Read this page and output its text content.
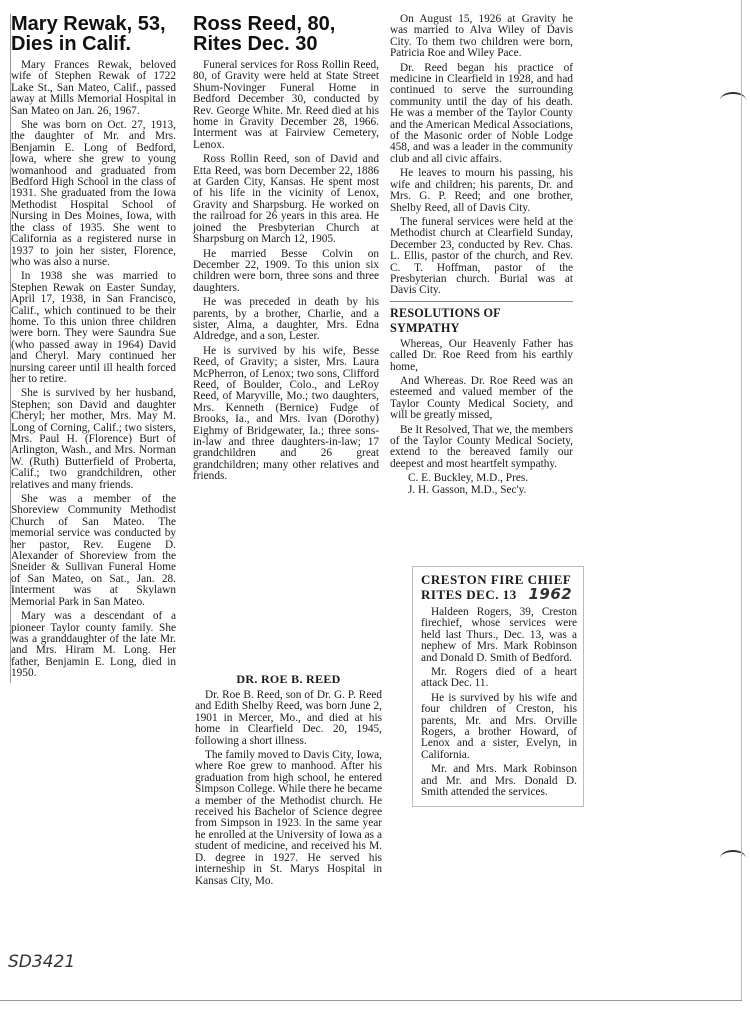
Mary Rewak, 53, Dies in Calif.

Mary Frances Rewak, beloved wife of Stephen Rewak of 1722 Lake St., San Mateo, Calif., passed away at Mills Memorial Hospital in San Mateo on Jan. 26, 1967.

She was born on Oct. 27, 1913, the daughter of Mr. and Mrs. Benjamin E. Long of Bedford, Iowa, where she grew to young womanhood and graduated from Bedford High School in the class of 1931. She graduated from the Iowa Methodist Hospital School of Nursing in Des Moines, Iowa, with the class of 1935. She went to California as a registered nurse in 1937 to join her sister, Florence, who was also a nurse.

In 1938 she was married to Stephen Rewak on Easter Sunday, April 17, 1938, in San Francisco, Calif., which continued to be their home. To this union three children were born. They were Saundra Sue (who passed away in 1964) David and Cheryl. Mary continued her nursing career until ill health forced her to retire.

She is survived by her husband, Stephen; son David and daughter Cheryl; her mother, Mrs. May M. Long of Corning, Calif.; two sisters, Mrs. Paul H. (Florence) Burt of Arlington, Wash., and Mrs. Norman W. (Ruth) Butterfield of Proberta, Calif.; two grandchildren, other relatives and many friends.

She was a member of the Shoreview Community Methodist Church of San Mateo. The memorial service was conducted by her pastor, Rev. Eugene D. Alexander of Shoreview from the Sneider & Sullivan Funeral Home of San Mateo, on Sat., Jan. 28. Interment was at Skylawn Memorial Park in San Mateo.

Mary was a descendant of a pioneer Taylor county family. She was a granddaughter of the late Mr. and Mrs. Hiram M. Long. Her father, Benjamin E. Long, died in 1950.

Ross Reed, 80, Rites Dec. 30

Funeral services for Ross Rollin Reed, 80, of Gravity were held at State Street Shum-Novinger Funeral Home in Bedford December 30, conducted by Rev. George White. Mr. Reed died at his home in Gravity December 28, 1966. Interment was at Fairview Cemetery, Lenox.

Ross Rollin Reed, son of David and Etta Reed, was born December 22, 1886 at Garden City, Kansas. He spent most of his life in the vicinity of Lenox, Gravity and Sharpsburg. He worked on the railroad for 26 years in this area. He joined the Presbyterian Church at Sharpsburg on March 12, 1905.

He married Besse Colvin on December 22, 1909. To this union six children were born, three sons and three daughters.

He was preceded in death by his parents, by a brother, Charlie, and a sister, Alma, a daughter, Mrs. Edna Aldredge, and a son, Lester.

He is survived by his wife, Besse Reed, of Gravity; a sister, Mrs. Laura McPherron, of Lenox; two sons, Clifford Reed, of Boulder, Colo., and LeRoy Reed, of Maryville, Mo.; two daughters, Mrs. Kenneth (Bernice) Fudge of Brooks, Ia., and Mrs. Ivan (Dorothy) Eighmy of Bridgewater, Ia.; three sons-in-law and three daughters-in-law; 17 grandchildren and 26 great grandchildren; many other relatives and friends.

DR. ROE B. REED

Dr. Roe B. Reed, son of Dr. G. P. Reed and Edith Shelby Reed, was born June 2, 1901 in Mercer, Mo., and died at his home in Clearfield Dec. 20, 1945, following a short illness.

The family moved to Davis City, Iowa, where Roe grew to manhood. After his graduation from high school, he entered Simpson College. While there he became a member of the Methodist church. He received his Bachelor of Science degree from Simpson in 1923. In the same year he enrolled at the University of Iowa as a student of medicine, and received his M. D. degree in 1927. He served his interneship in St. Marys Hospital in Kansas City, Mo.

On August 15, 1926 at Gravity he was married to Alva Wiley of Davis City. To them two children were born, Patricia Roe and Wiley Pace.

Dr. Reed began his practice of medicine in Clearfield in 1928, and had continued to serve the surrounding community until the day of his death. He was a member of the Taylor County and the American Medical Associations, of the Masonic order of Noble Lodge 458, and was a leader in the community club and all civic affairs.

He leaves to mourn his passing, his wife and children; his parents, Dr. and Mrs. G. P. Reed; and one brother, Shelby Reed, all of Davis City.

The funeral services were held at the Methodist church at Clearfield Sunday, December 23, conducted by Rev. Chas. L. Ellis, pastor of the church, and Rev. C. T. Hoffman, pastor of the Presbyterian church. Burial was at Davis City.

RESOLUTIONS OF SYMPATHY

Whereas, Our Heavenly Father has called Dr. Roe Reed from his earthly home,

And Whereas. Dr. Roe Reed was an esteemed and valued member of the Taylor County Medical Society, and will be greatly missed,

Be It Resolved, That we, the members of the Taylor County Medical Society, extend to the bereaved family our deepest and most heartfelt sympathy.

C. E. Buckley, M.D., Pres.

J. H. Gasson, M.D., Sec'y.

CRESTON FIRE CHIEF
RITES DEC. 13 1962

Haldeen Rogers, 39, Creston firechief, whose services were held last Thurs., Dec. 13, was a nephew of Mrs. Mark Robinson and Donald D. Smith of Bedford.

Mr. Rogers died of a heart attack Dec. 11.

He is survived by his wife and four children of Creston, his parents, Mr. and Mrs. Orville Rogers, a brother Howard, of Lenox and a sister, Evelyn, in California.

Mr. and Mrs. Mark Robinson and Mr. and Mrs. Donald D. Smith attended the services.

SD3421
